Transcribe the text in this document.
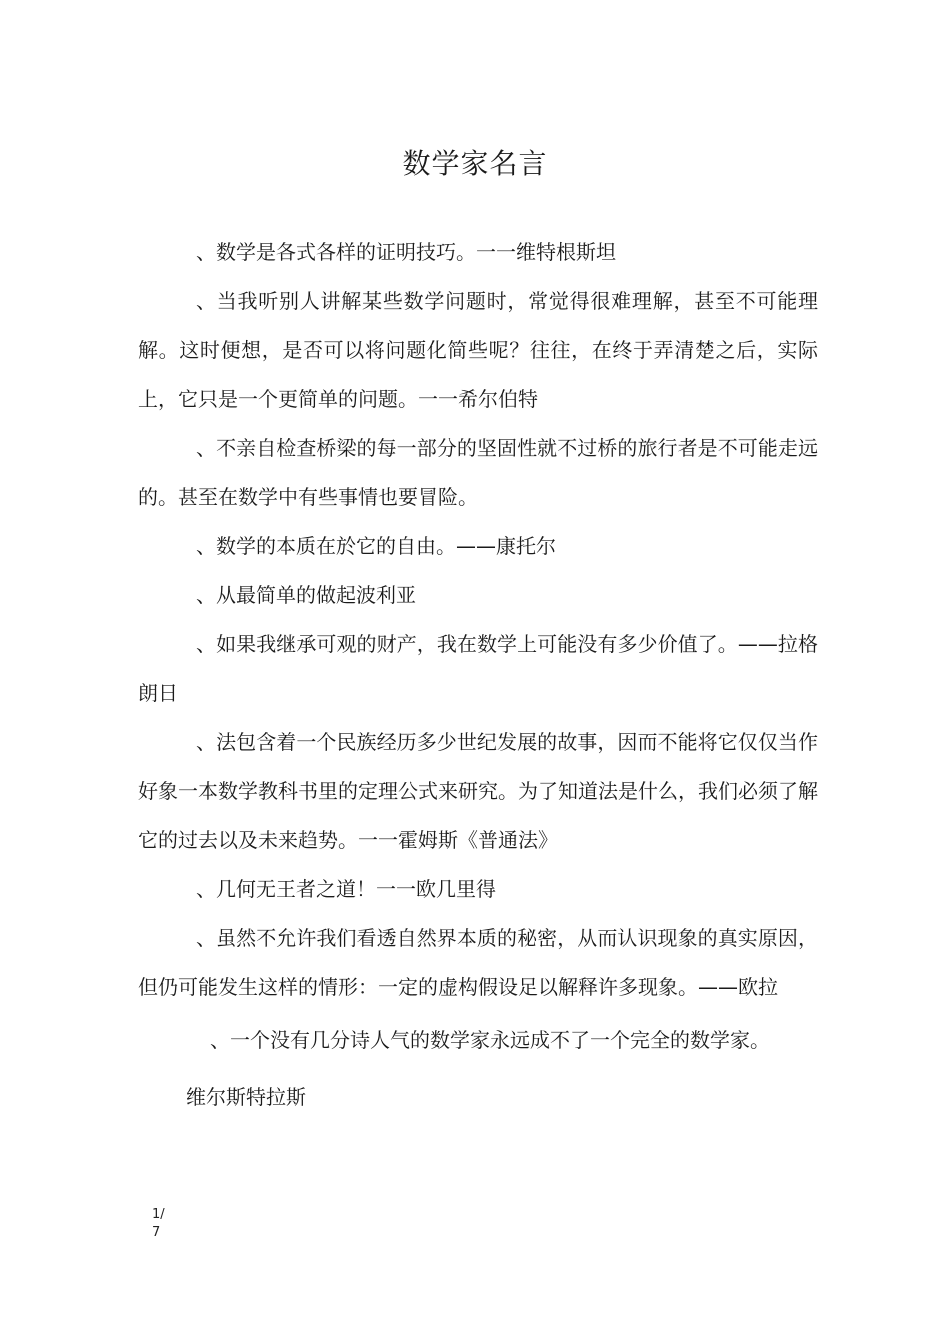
数学家名言

、数学是各式各样的证明技巧。一一维特根斯坦

、当我听别人讲解某些数学问题时，常觉得很难理解，甚至不可能理解。这时便想，是否可以将问题化简些呢？往往，在终于弄清楚之后，实际上，它只是一个更简单的问题。一一希尔伯特

、不亲自检查桥梁的每一部分的坚固性就不过桥的旅行者是不可能走远的。甚至在数学中有些事情也要冒险。

、数学的本质在於它的自由。——康托尔

、从最简单的做起波利亚

、如果我继承可观的财产，我在数学上可能没有多少价值了。——拉格朗日

、法包含着一个民族经历多少世纪发展的故事，因而不能将它仅仅当作好象一本数学教科书里的定理公式来研究。为了知道法是什么，我们必须了解它的过去以及未来趋势。一一霍姆斯《普通法》

、几何无王者之道！一一欧几里得

、虽然不允许我们看透自然界本质的秘密，从而认识现象的真实原因，但仍可能发生这样的情形：一定的虚构假设足以解释许多现象。——欧拉

、一个没有几分诗人气的数学家永远成不了一个完全的数学家。

维尔斯特拉斯

1/
7
